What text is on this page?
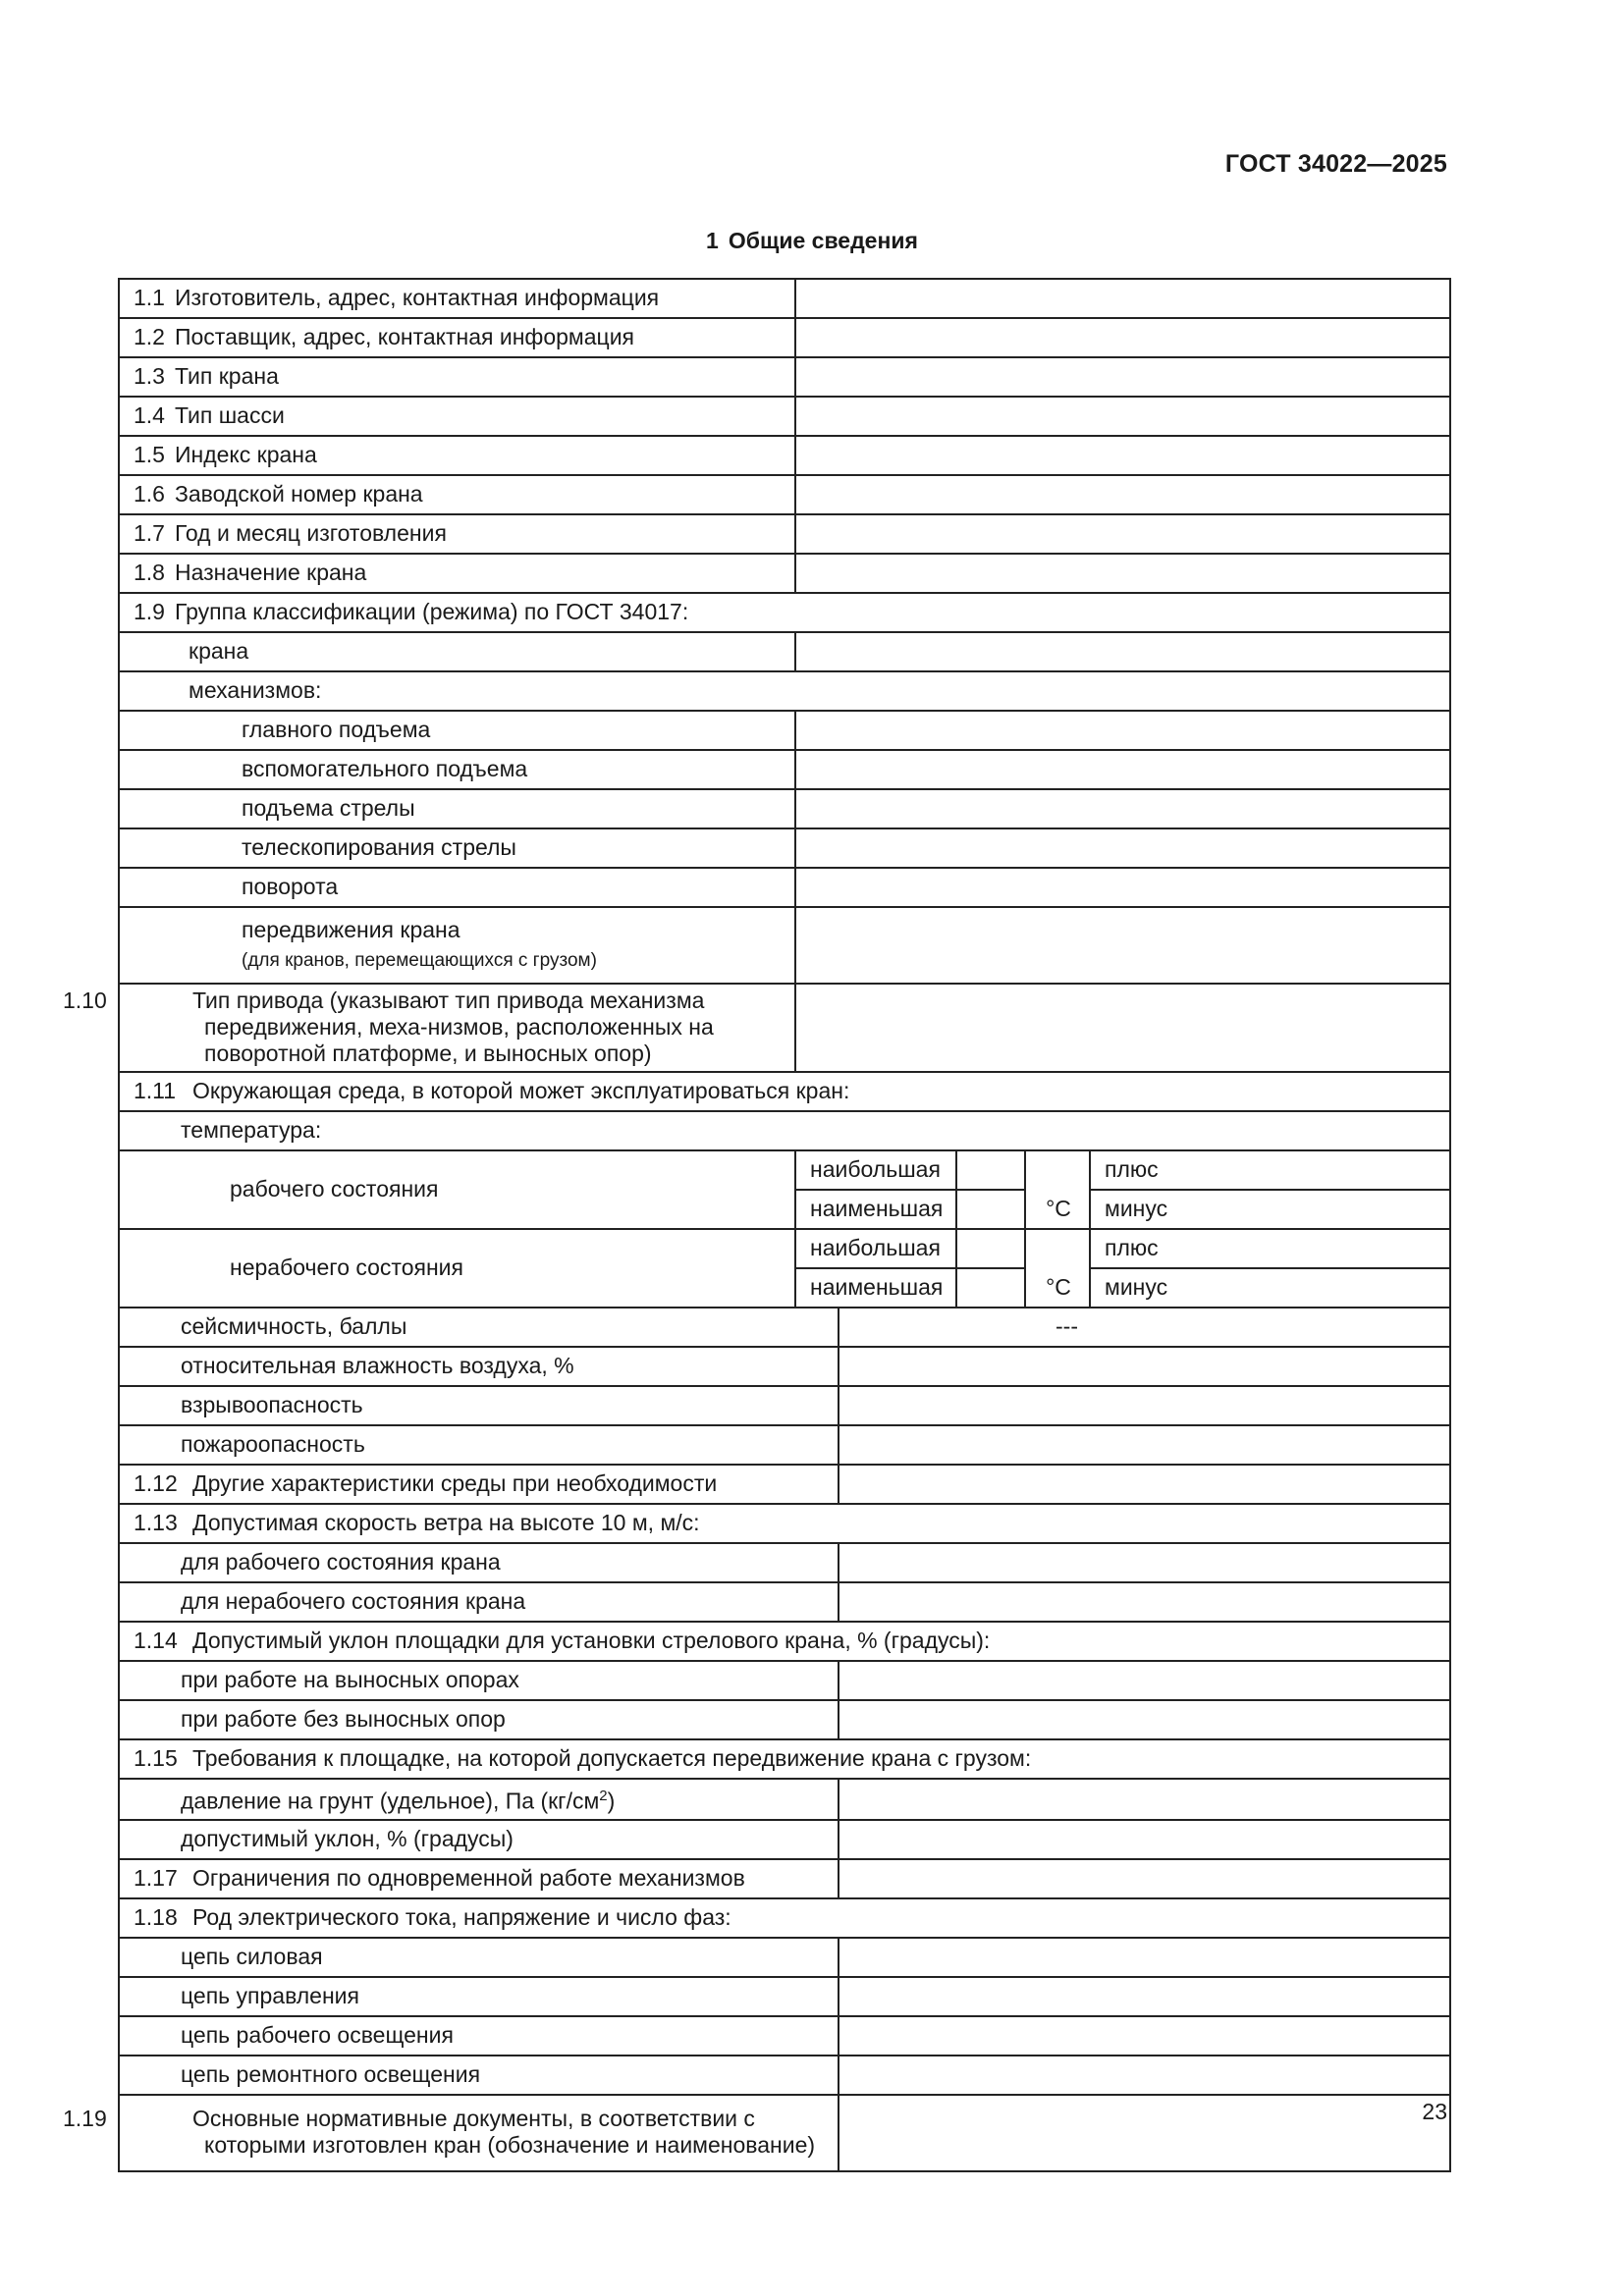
ГОСТ 34022—2025
1 Общие сведения
1.1 Изготовитель, адрес, контактная информация					
1.2 Поставщик, адрес, контактная информация					
1.3 Тип крана					
1.4 Тип шасси					
1.5 Индекс крана					
1.6 Заводской номер крана					
1.7 Год и месяц изготовления					
1.8 Назначение крана					
1.9 Группа классификации (режима) по ГОСТ 34017:					
крана					
механизмов:					
главного подъема					
вспомогательного подъема					
подъема стрелы					
телескопирования стрелы					
поворота					
передвижения крана
(для кранов, перемещающихся с грузом)					

1.10 Тип привода (указывают тип привода механизма передвижения, меха-низмов, расположенных на поворотной платформе, и выносных опор)					
1.11 Окружающая среда, в которой может эксплуатироваться кран:					
температура:					
рабочего состояния	наибольшая			°C	плюс
	наименьшая				минус
нерабочего состояния	наибольшая			°C	плюс
	наименьшая				минус
сейсмичность, баллы		---			
относительная влажность воздуха, %					
взрывоопасность					
пожароопасность					
1.12 Другие характеристики среды при необходимости					
1.13 Допустимая скорость ветра на высоте 10 м, м/с:					
для рабочего состояния крана					
для нерабочего состояния крана					
1.14 Допустимый уклон площадки для установки стрелового крана, % (градусы):					
при работе на выносных опорах					
при работе без выносных опор					
1.15 Требования к площадке, на которой допускается передвижение крана с грузом:					
давление на грунт (удельное), Па $(кг/см^2)$					
допустимый уклон, % (градусы)					
1.17 Ограничения по одновременной работе механизмов					
1.18 Род электрического тока, напряжение и число фаз:					
цепь силовая					
цепь управления					
цепь рабочего освещения					
цепь ремонтного освещения					
1.19 Основные нормативные документы, в соответствии с которыми изготовлен кран (обозначение и наименование)					
23
